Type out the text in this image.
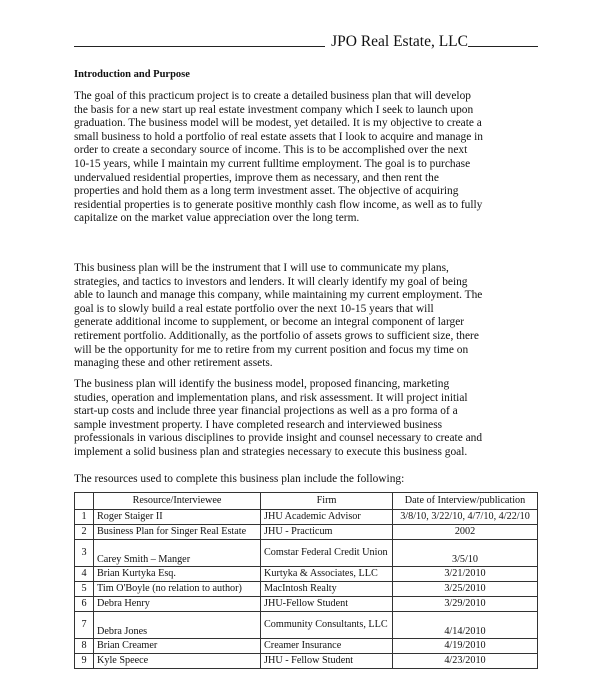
JPO Real Estate, LLC
Introduction and Purpose
The goal of this practicum project is to create a detailed business plan that will develop
the basis for a new start up real estate investment company which I seek to launch upon
graduation. The business model will be modest, yet detailed. It is my objective to create a
small business to hold a portfolio of real estate assets that I look to acquire and manage in
order to create a secondary source of income. This is to be accomplished over the next
10-15 years, while I maintain my current fulltime employment. The goal is to purchase
undervalued residential properties, improve them as necessary, and then rent the
properties and hold them as a long term investment asset. The objective of acquiring
residential properties is to generate positive monthly cash flow income, as well as to fully
capitalize on the market value appreciation over the long term.
This business plan will be the instrument that I will use to communicate my plans,
strategies, and tactics to investors and lenders. It will clearly identify my goal of being
able to launch and manage this company, while maintaining my current employment. The
goal is to slowly build a real estate portfolio over the next 10-15 years that will
generate additional income to supplement, or become an integral component of larger
retirement portfolio. Additionally, as the portfolio of assets grows to sufficient size, there
will be the opportunity for me to retire from my current position and focus my time on
managing these and other retirement assets.
The business plan will identify the business model, proposed financing, marketing
studies, operation and implementation plans, and risk assessment. It will project initial
start-up costs and include three year financial projections as well as a pro forma of a
sample investment property. I have completed research and interviewed business
professionals in various disciplines to provide insight and counsel necessary to create and
implement a solid business plan and strategies necessary to execute this business goal.
The resources used to complete this business plan include the following:
	Resource/Interviewee	Firm	Date of Interview/publication
1	Roger Staiger II	JHU Academic Advisor	3/8/10, 3/22/10, 4/7/10, 4/22/10
2	Business Plan for Singer Real Estate	JHU - Practicum	2002
3	Carey Smith – Manger	Comstar Federal Credit Union	3/5/10
4	Brian Kurtyka Esq.	Kurtyka & Associates, LLC	3/21/2010
5	Tim O'Boyle (no relation to author)	MacIntosh Realty	3/25/2010
6	Debra Henry	JHU-Fellow Student	3/29/2010
7	Debra Jones	Community Consultants, LLC	4/14/2010
8	Brian Creamer	Creamer Insurance	4/19/2010
9	Kyle Speece	JHU - Fellow Student	4/23/2010
